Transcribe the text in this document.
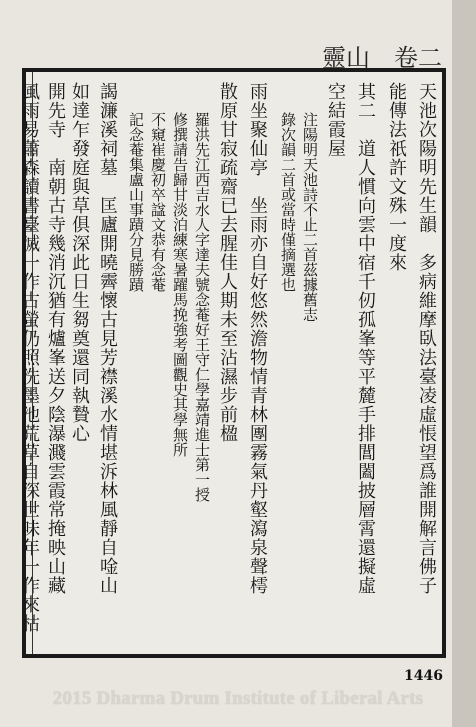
靈山 卷二
天池次陽明先生韻　多病維摩臥法臺凌虛悵望爲誰開解言佛子
能傳法祇許文殊一度來
其二　道人慣向雲中宿千仞孤峯等平麓手排閶闔披層霄還擬虛
空結霞屋
注陽明天池詩不止二首茲據舊志
錄次韻二首或當時僅摘選也
雨坐聚仙亭　坐雨亦自好悠然澹物情青林團霧氣丹壑瀉泉聲樗
散原甘寂疏齋已去腥佳人期未至沾濕步前楹
羅洪先江西吉水人字達夫號念菴好王守仁學嘉靖進士第一授
修撰請告歸甘淡泊練寒暑躍馬挽強考圖觀史其學無所
不窺崔慶初卒諡文恭有念菴
記念菴集盧山事蹟分見勝蹟
謁濂溪祠墓　匡廬開曉霽懷古見芳襟溪水情堪泝林風靜自唫山
如達乍發庭與草俱深此日生芻奠還同執贄心
開先寺　南朝古寺幾消沉猶有爐峯送夕陰瀑濺雲霞常掩映山藏
風雨易蕭森讀書臺滅一作古螢仍照洗墨池荒草自深世味年一作來枯
1446
2015 Dharma Drum Institute of Liberal Arts
